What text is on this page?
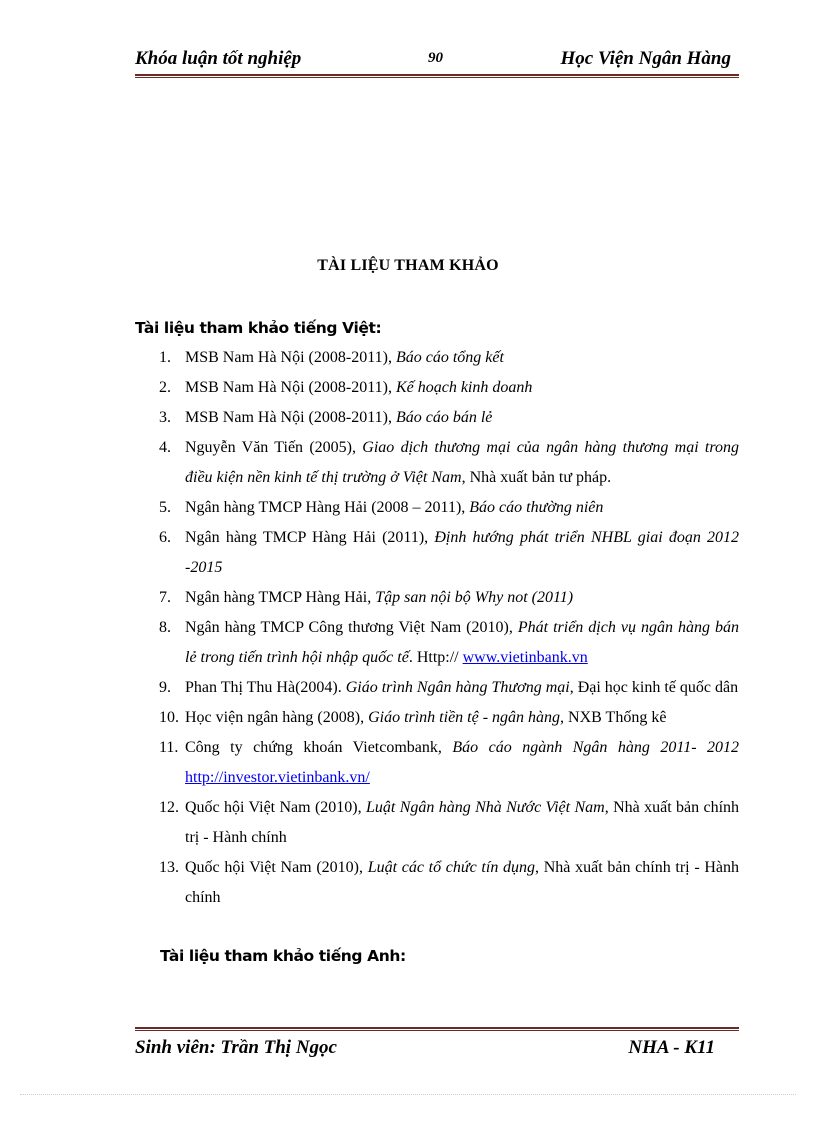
Khóa luận tốt nghiệp	90	Học Viện Ngân Hàng
TÀI LIỆU THAM KHẢO
Tài liệu tham khảo tiếng Việt:
1. MSB Nam Hà Nội (2008-2011), Báo cáo tổng kết
2. MSB Nam Hà Nội (2008-2011), Kế hoạch kinh doanh
3. MSB Nam Hà Nội (2008-2011), Báo cáo bán lẻ
4. Nguyễn Văn Tiến (2005), Giao dịch thương mại của ngân hàng thương mại trong điều kiện nền kinh tế thị trường ở Việt Nam, Nhà xuất bản tư pháp.
5. Ngân hàng TMCP Hàng Hải (2008 – 2011), Báo cáo thường niên
6. Ngân hàng TMCP Hàng Hải (2011), Định hướng phát triển NHBL giai đoạn 2012 -2015
7. Ngân hàng TMCP Hàng Hải, Tập san nội bộ Why not (2011)
8. Ngân hàng TMCP Công thương Việt Nam (2010), Phát triển dịch vụ ngân hàng bán lẻ trong tiến trình hội nhập quốc tế. Http:// www.vietinbank.vn
9. Phan Thị Thu Hà(2004). Giáo trình Ngân hàng Thương mại, Đại học kinh tế quốc dân
10. Học viện ngân hàng (2008), Giáo trình tiền tệ - ngân hàng, NXB Thống kê
11. Công ty chứng khoán Vietcombank, Báo cáo ngành Ngân hàng 2011- 2012 http://investor.vietinbank.vn/
12. Quốc hội Việt Nam (2010), Luật Ngân hàng Nhà Nước Việt Nam, Nhà xuất bản chính trị - Hành chính
13. Quốc hội Việt Nam (2010), Luật các tổ chức tín dụng, Nhà xuất bản chính trị - Hành chính
Tài liệu tham khảo tiếng Anh:
Sinh viên: Trần Thị Ngọc	NHA - K11
